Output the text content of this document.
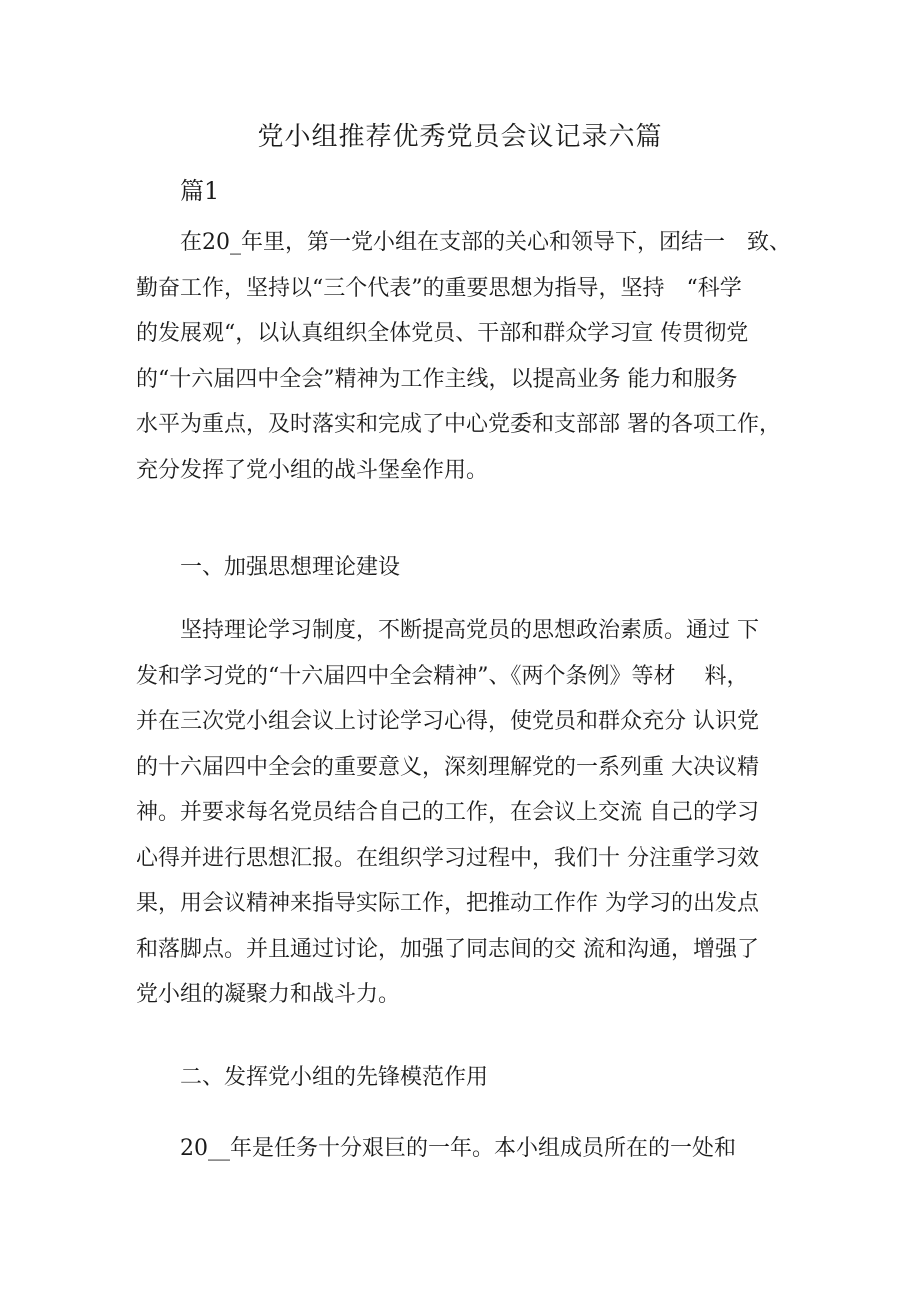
党小组推荐优秀党员会议记录六篇
篇1
在20_年里，第一党小组在支部的关心和领导下，团结一　致、
勤奋工作，坚持以“三个代表”的重要思想为指导，坚持　“科学
的发展观“，以认真组织全体党员、干部和群众学习宣 传贯彻党
的“十六届四中全会”精神为工作主线，以提高业务 能力和服务
水平为重点，及时落实和完成了中心党委和支部部 署的各项工作，
充分发挥了党小组的战斗堡垒作用。
一、加强思想理论建设
坚持理论学习制度，不断提高党员的思想政治素质。通过 下
发和学习党的“十六届四中全会精神”、《两个条例》等材　 料，
并在三次党小组会议上讨论学习心得，使党员和群众充分 认识党
的十六届四中全会的重要意义，深刻理解党的一系列重 大决议精
神。并要求每名党员结合自己的工作，在会议上交流 自己的学习
心得并进行思想汇报。在组织学习过程中，我们十 分注重学习效
果，用会议精神来指导实际工作，把推动工作作 为学习的出发点
和落脚点。并且通过讨论，加强了同志间的交 流和沟通，增强了
党小组的凝聚力和战斗力。
二、发挥党小组的先锋模范作用
20__年是任务十分艰巨的一年。本小组成员所在的一处和
